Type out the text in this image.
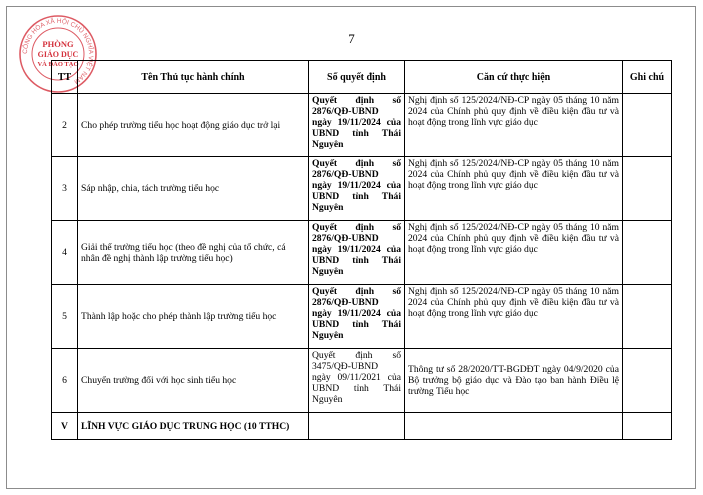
7
CÔNG HÒA XÃ HỘI CHỦ NGHĨA VIỆT NAM
PHÒNG
GIÁO DỤC
VÀ ĐÀO TẠO
TT	Tên Thủ tục hành chính	Số quyết định	Căn cứ thực hiện	Ghi chú
2	Cho phép trường tiểu học hoạt động giáo dục trở lại	Quyết định số
2876/QĐ-UBND
ngày 19/11/2024 của
UBND tỉnh Thái
Nguyên	Nghị định số 125/2024/NĐ-CP ngày 05 tháng 10 năm 2024 của Chính phủ quy định về điều kiện đầu tư và hoạt động trong lĩnh vực giáo dục	
3	Sáp nhập, chia, tách trường tiểu học	Quyết định số
2876/QĐ-UBND
ngày 19/11/2024 của
UBND tỉnh Thái
Nguyên	Nghị định số 125/2024/NĐ-CP ngày 05 tháng 10 năm 2024 của Chính phủ quy định về điều kiện đầu tư và hoạt động trong lĩnh vực giáo dục	
4	Giải thể trường tiểu học (theo đề nghị của tổ chức, cá nhân đề nghị thành lập trường tiểu học)	Quyết định số
2876/QĐ-UBND
ngày 19/11/2024 của
UBND tỉnh Thái
Nguyên	Nghị định số 125/2024/NĐ-CP ngày 05 tháng 10 năm 2024 của Chính phủ quy định về điều kiện đầu tư và hoạt động trong lĩnh vực giáo dục	
5	Thành lập hoặc cho phép thành lập trường tiểu học	Quyết định số
2876/QĐ-UBND
ngày 19/11/2024 của
UBND tỉnh Thái
Nguyên	Nghị định số 125/2024/NĐ-CP ngày 05 tháng 10 năm 2024 của Chính phủ quy định về điều kiện đầu tư và hoạt động trong lĩnh vực giáo dục	
6	Chuyển trường đối với học sinh tiểu học	Quyết định số
3475/QĐ-UBND
ngày 09/11/2021 của
UBND tỉnh Thái
Nguyên	Thông tư số 28/2020/TT-BGDĐT ngày 04/9/2020 của Bộ trưởng bộ giáo dục và Đào tạo ban hành Điều lệ trường Tiểu học	
V	LĨNH VỰC GIÁO DỤC TRUNG HỌC (10 TTHC)			
